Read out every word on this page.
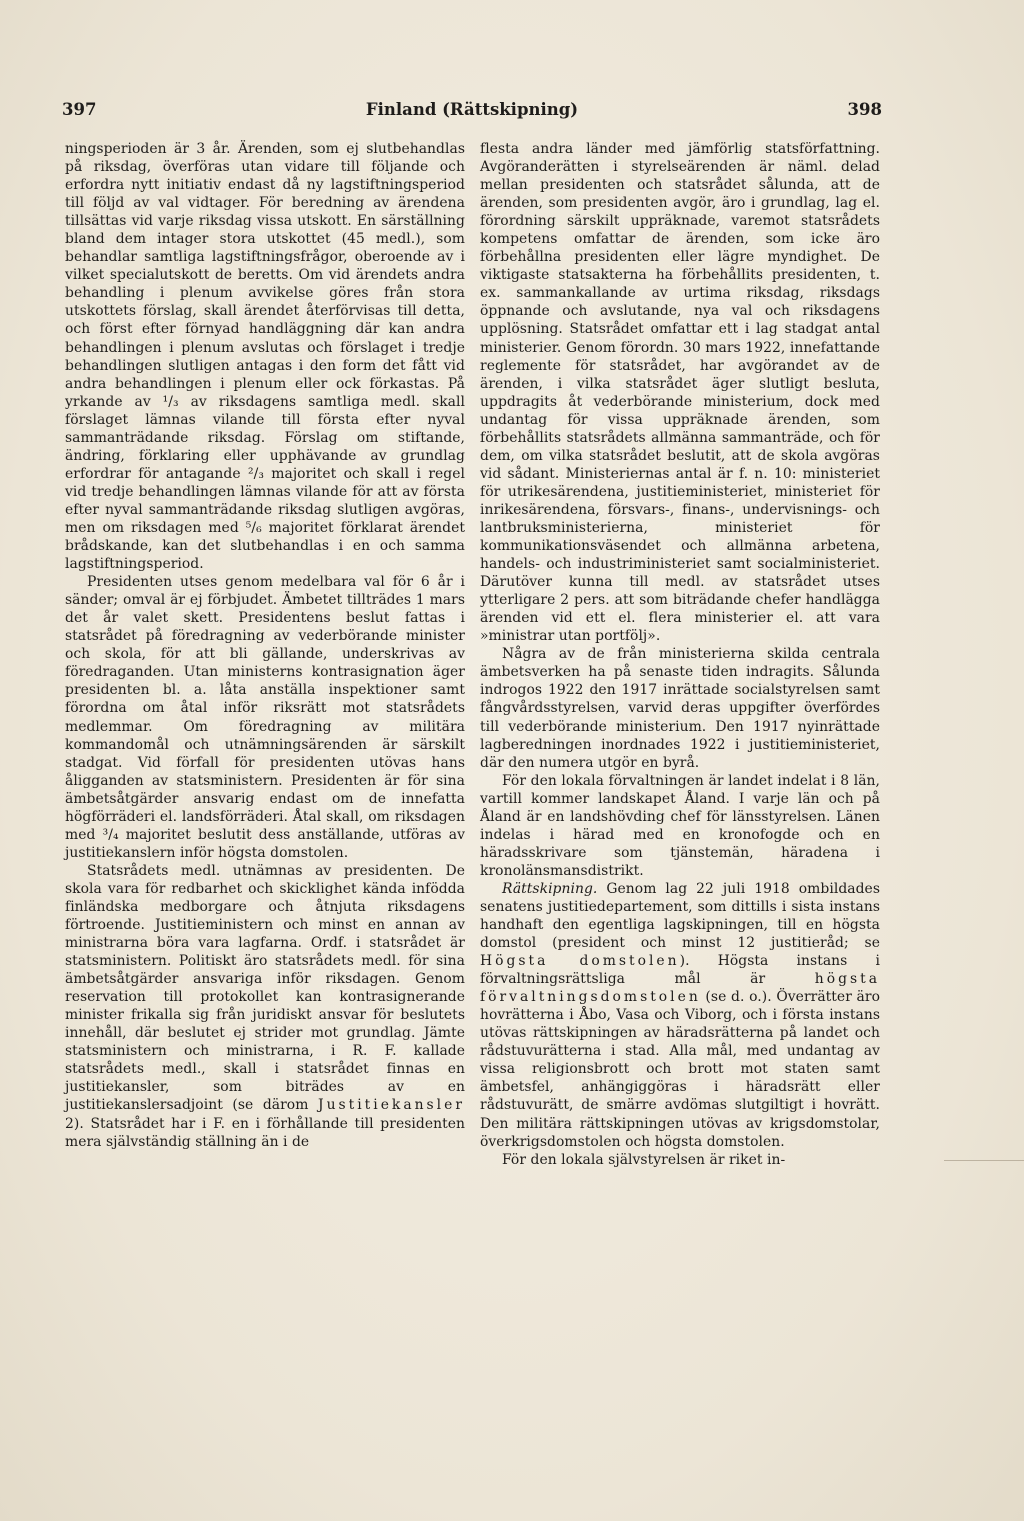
397	Finland (Rättskipning)	398

ningsperioden är 3 år. Ärenden, som ej slutbehandlas på riksdag, överföras utan vidare till följande och erfordra nytt initiativ endast då ny lagstiftningsperiod till följd av val vidtager. För beredning av ärendena tillsättas vid varje riksdag vissa utskott. En särställning bland dem intager stora utskottet (45 medl.), som behandlar samtliga lagstiftningsfrågor, oberoende av i vilket specialutskott de beretts. Om vid ärendets andra behandling i plenum avvikelse göres från stora utskottets förslag, skall ärendet återförvisas till detta, och först efter förnyad handläggning där kan andra behandlingen i plenum avslutas och förslaget i tredje behandlingen slutligen antagas i den form det fått vid andra behandlingen i plenum eller ock förkastas. På yrkande av ¹/₃ av riksdagens samtliga medl. skall förslaget lämnas vilande till första efter nyval sammanträdande riksdag. Förslag om stiftande, ändring, förklaring eller upphävande av grundlag erfordrar för antagande ²/₃ majoritet och skall i regel vid tredje behandlingen lämnas vilande för att av första efter nyval sammanträdande riksdag slutligen avgöras, men om riksdagen med ⁵/₆ majoritet förklarat ärendet brådskande, kan det slutbehandlas i en och samma lagstiftningsperiod.

Presidenten utses genom medelbara val för 6 år i sänder; omval är ej förbjudet. Ämbetet tillträdes 1 mars det år valet skett. Presidentens beslut fattas i statsrådet på föredragning av vederbörande minister och skola, för att bli gällande, underskrivas av föredraganden. Utan ministerns kontrasignation äger presidenten bl. a. låta anställa inspektioner samt förordna om åtal inför riksrätt mot statsrådets medlemmar. Om föredragning av militära kommandomål och utnämningsärenden är särskilt stadgat. Vid förfall för presidenten utövas hans åligganden av statsministern. Presidenten är för sina ämbetsåtgärder ansvarig endast om de innefatta högförräderi el. landsförräderi. Åtal skall, om riksdagen med ³/₄ majoritet beslutit dess anställande, utföras av justitiekanslern inför högsta domstolen.

Statsrådets medl. utnämnas av presidenten. De skola vara för redbarhet och skicklighet kända infödda finländska medborgare och åtnjuta riksdagens förtroende. Justitieministern och minst en annan av ministrarna böra vara lagfarna. Ordf. i statsrådet är statsministern. Politiskt äro statsrådets medl. för sina ämbetsåtgärder ansvariga inför riksdagen. Genom reservation till protokollet kan kontrasignerande minister frikalla sig från juridiskt ansvar för beslutets innehåll, där beslutet ej strider mot grundlag. Jämte statsministern och ministrarna, i R. F. kallade statsrådets medl., skall i statsrådet finnas en justitiekansler, som biträdes av en justitiekanslersadjoint (se därom Justitiekansler 2). Statsrådet har i F. en i förhållande till presidenten mera självständig ställning än i de

flesta andra länder med jämförlig statsförfattning. Avgöranderätten i styrelseärenden är näml. delad mellan presidenten och statsrådet sålunda, att de ärenden, som presidenten avgör, äro i grundlag, lag el. förordning särskilt uppräknade, varemot statsrådets kompetens omfattar de ärenden, som icke äro förbehållna presidenten eller lägre myndighet. De viktigaste statsakterna ha förbehållits presidenten, t. ex. sammankallande av urtima riksdag, riksdags öppnande och avslutande, nya val och riksdagens upplösning. Statsrådet omfattar ett i lag stadgat antal ministerier. Genom förordn. 30 mars 1922, innefattande reglemente för statsrådet, har avgörandet av de ärenden, i vilka statsrådet äger slutligt besluta, uppdragits åt vederbörande ministerium, dock med undantag för vissa uppräknade ärenden, som förbehållits statsrådets allmänna sammanträde, och för dem, om vilka statsrådet beslutit, att de skola avgöras vid sådant. Ministeriernas antal är f. n. 10: ministeriet för utrikesärendena, justitieministeriet, ministeriet för inrikesärendena, försvars-, finans-, undervisnings- och lantbruksministerierna, ministeriet för kommunikationsväsendet och allmänna arbetena, handels- och industriministeriet samt socialministeriet. Därutöver kunna till medl. av statsrådet utses ytterligare 2 pers. att som biträdande chefer handlägga ärenden vid ett el. flera ministerier el. att vara »ministrar utan portfölj».

Några av de från ministerierna skilda centrala ämbetsverken ha på senaste tiden indragits. Sålunda indrogos 1922 den 1917 inrättade socialstyrelsen samt fångvårdsstyrelsen, varvid deras uppgifter överfördes till vederbörande ministerium. Den 1917 nyinrättade lagberedningen inordnades 1922 i justitieministeriet, där den numera utgör en byrå.

För den lokala förvaltningen är landet indelat i 8 län, vartill kommer landskapet Åland. I varje län och på Åland är en landshövding chef för länsstyrelsen. Länen indelas i härad med en kronofogde och en häradsskrivare som tjänstemän, häradena i kronolänsmansdistrikt.

Rättskipning. Genom lag 22 juli 1918 ombildades senatens justitiedepartement, som dittills i sista instans handhaft den egentliga lagskipningen, till en högsta domstol (president och minst 12 justitieråd; se Högsta domstolen). Högsta instans i förvaltningsrättsliga mål är högsta förvaltningsdomstolen (se d. o.). Överrätter äro hovrätterna i Åbo, Vasa och Viborg, och i första instans utövas rättskipningen av häradsrätterna på landet och rådstuvurätterna i stad. Alla mål, med undantag av vissa religionsbrott och brott mot staten samt ämbetsfel, anhängiggöras i häradsrätt eller rådstuvurätt, de smärre avdömas slutgiltigt i hovrätt. Den militära rättskipningen utövas av krigsdomstolar, överkrigsdomstolen och högsta domstolen.

För den lokala självstyrelsen är riket in-
